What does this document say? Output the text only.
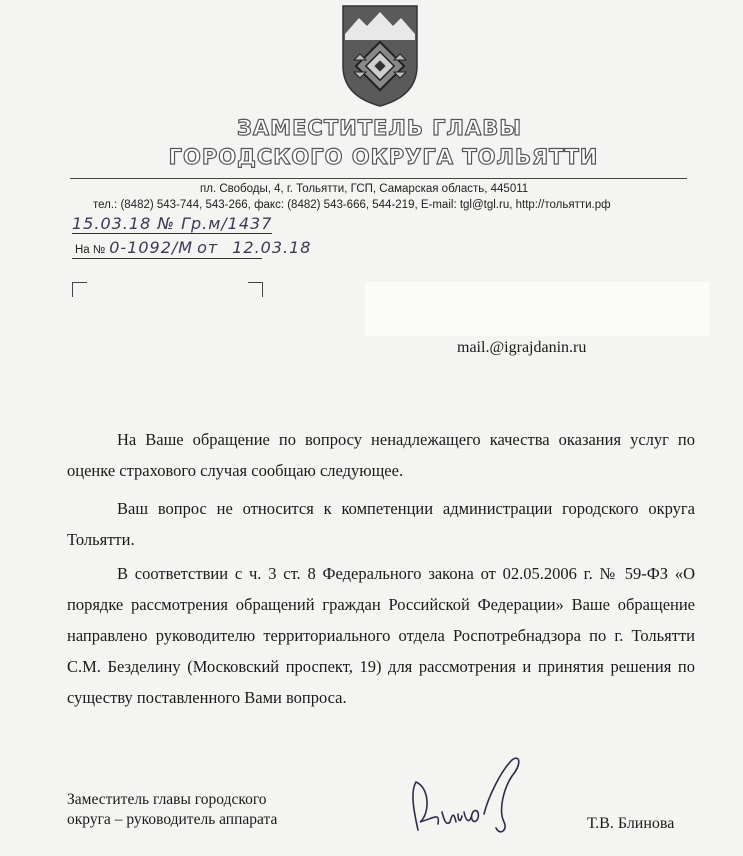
ЗАМЕСТИТЕЛЬ ГЛАВЫ
ГОРОДСКОГО ОКРУГА ТОЛЬЯТТИ
пл. Свободы, 4, г. Тольятти, ГСП, Самарская область, 445011
тел.: (8482) 543-744, 543-266, факс: (8482) 543-666, 544-219, E-mail: tgl@tgl.ru, http://тольятти.рф
15.03.18 № Гр.м/1437
На № 0-1092/М от 12.03.18
mail.@igrajdanin.ru
На Ваше обращение по вопросу ненадлежащего качества оказания услуг по оценке страхового случая сообщаю следующее.
Ваш вопрос не относится к компетенции администрации городского округа Тольятти.
В соответствии с ч. 3 ст. 8 Федерального закона от 02.05.2006 г. № 59-ФЗ «О порядке рассмотрения обращений граждан Российской Федерации» Ваше обращение направлено руководителю территориального отдела Роспотребнадзора по г. Тольятти С.М. Безделину (Московский проспект, 19) для рассмотрения и принятия решения по существу поставленного Вами вопроса.
Заместитель главы городского
округа – руководитель аппарата	Т.В. Блинова
